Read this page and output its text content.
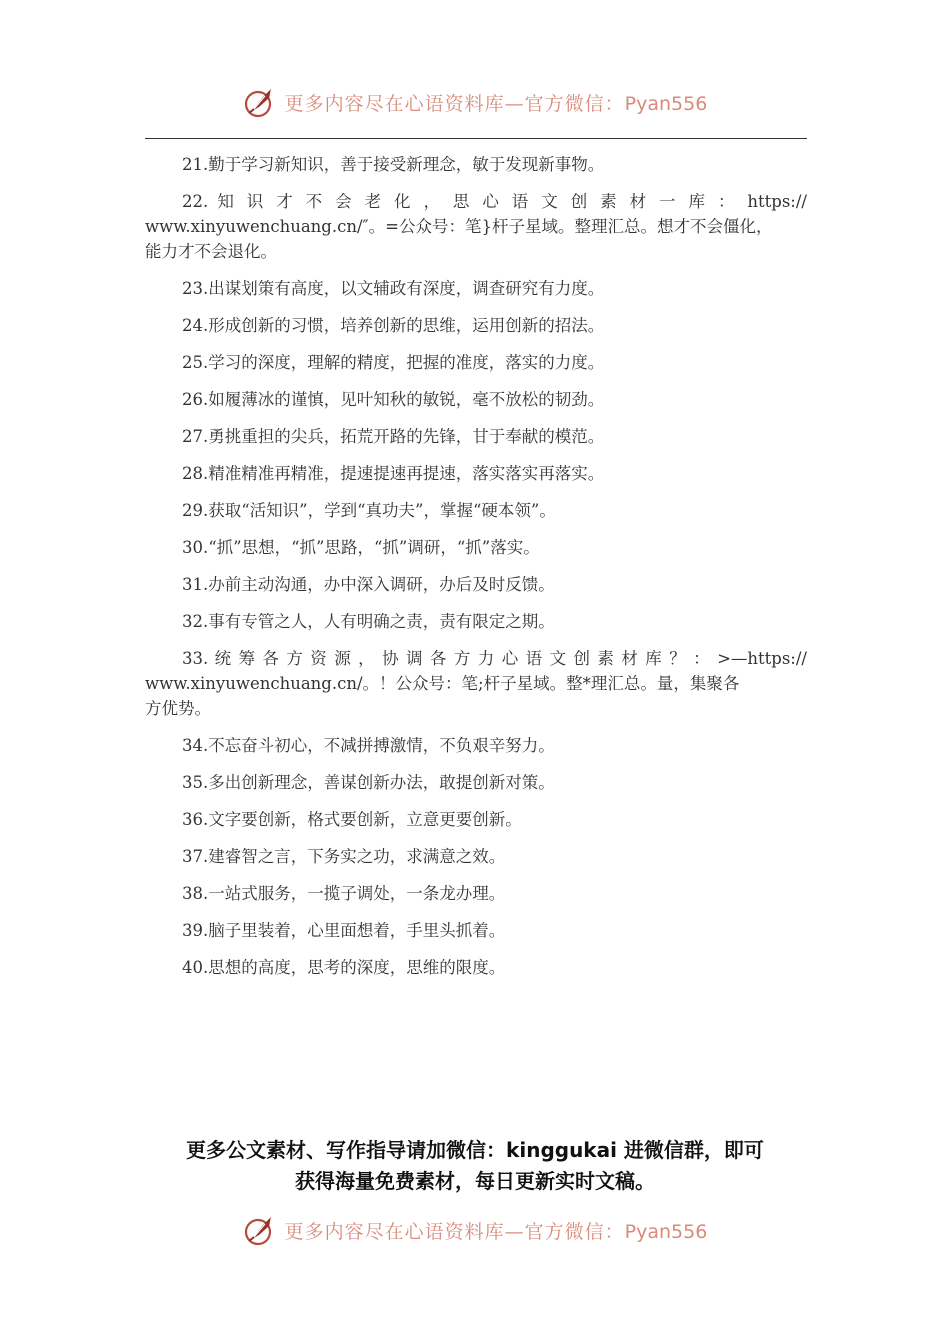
更多内容尽在心语资料库—官方微信：Pyan556

21.勤于学习新知识，善于接受新理念，敏于发现新事物。

22. 知 识 才 不 会 老 化 ， 思 心 语 文 创 素 材 一 库 ： https://
www.xinyuwenchuang.cn/″。=公众号：笔}杆子星域。整理汇总。想才不会僵化，
能力才不会退化。

23.出谋划策有高度，以文辅政有深度，调查研究有力度。

24.形成创新的习惯，培养创新的思维，运用创新的招法。

25.学习的深度，理解的精度，把握的准度，落实的力度。

26.如履薄冰的谨慎，见叶知秋的敏锐，毫不放松的韧劲。

27.勇挑重担的尖兵，拓荒开路的先锋，甘于奉献的模范。

28.精准精准再精准，提速提速再提速，落实落实再落实。

29.获取“活知识”，学到“真功夫”，掌握“硬本领”。

30.“抓”思想，“抓”思路，“抓”调研，“抓”落实。

31.办前主动沟通，办中深入调研，办后及时反馈。

32.事有专管之人，人有明确之责，责有限定之期。

33. 统 筹 各 方 资 源 ， 协 调 各 方 力 心 语 文 创 素 材 库 ？ ： >—https://
www.xinyuwenchuang.cn/。！公众号：笔;杆子星域。整*理汇总。量，集聚各
方优势。

34.不忘奋斗初心，不减拼搏激情，不负艰辛努力。

35.多出创新理念，善谋创新办法，敢提创新对策。

36.文字要创新，格式要创新，立意更要创新。

37.建睿智之言，下务实之功，求满意之效。

38.一站式服务，一揽子调处，一条龙办理。

39.脑子里装着，心里面想着，手里头抓着。

40.思想的高度，思考的深度，思维的限度。

更多公文素材、写作指导请加微信：kinggukai 进微信群，即可
获得海量免费素材，每日更新实时文稿。
更多内容尽在心语资料库—官方微信：Pyan556
